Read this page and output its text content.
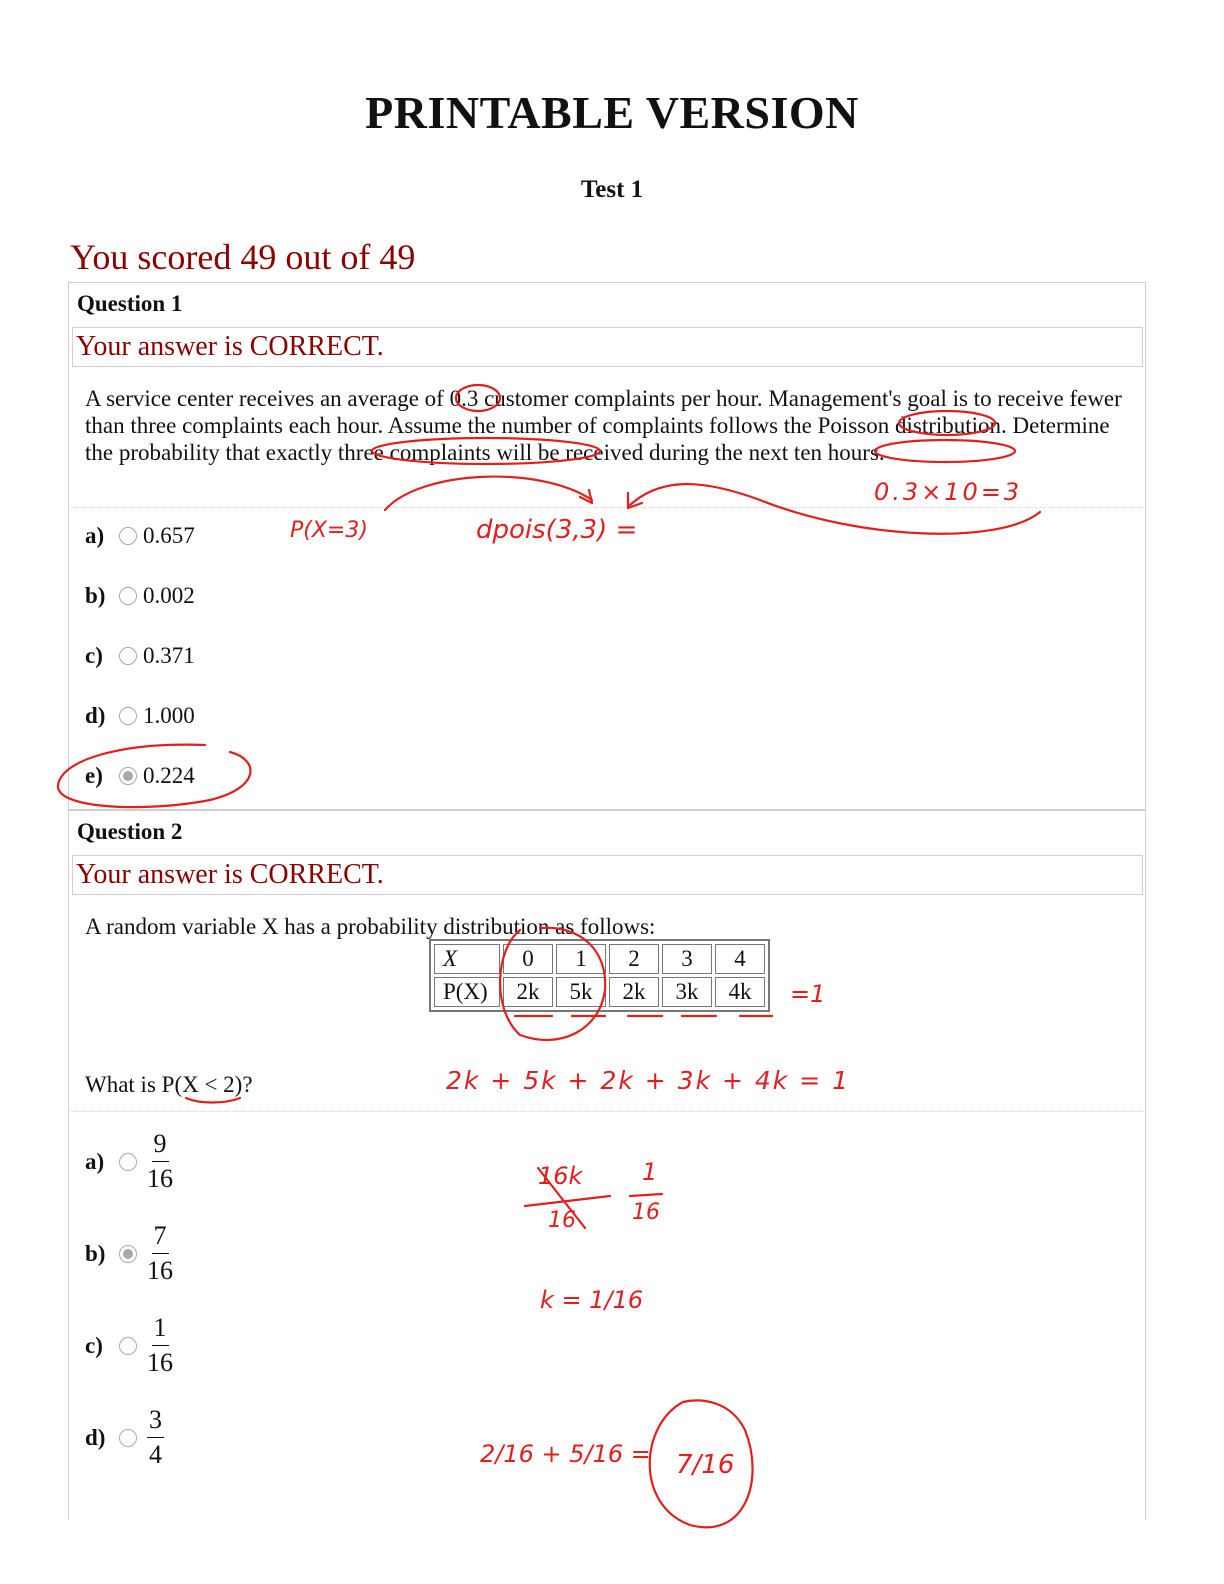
PRINTABLE VERSION
Test 1
You scored 49 out of 49
Question 1
Your answer is CORRECT.
A service center receives an average of 0.3 customer complaints per hour. Management's goal is to receive fewer than three complaints each hour. Assume the number of complaints follows the Poisson distribution. Determine the probability that exactly three complaints will be received during the next ten hours.
a)	0.657
b)	0.002
c)	0.371
d)	1.000
e)	0.224
Question 2
Your answer is CORRECT.
A random variable X has a probability distribution as follows:
X	0	1	2	3	4
P(X)	2k	5k	2k	3k	4k
What is P(X < 2)?
a)	$\frac{9}{16}$
b)	$\frac{7}{16}$
c)	$\frac{1}{16}$
d)	$\frac{3}{4}$
0.3×10=3
P(X=3)	dpois(3,3) =
=1
2k + 5k + 2k + 3k + 4k = 1
16k 1
16	16
k = 1/16
2/16 + 5/16 = 7/16
